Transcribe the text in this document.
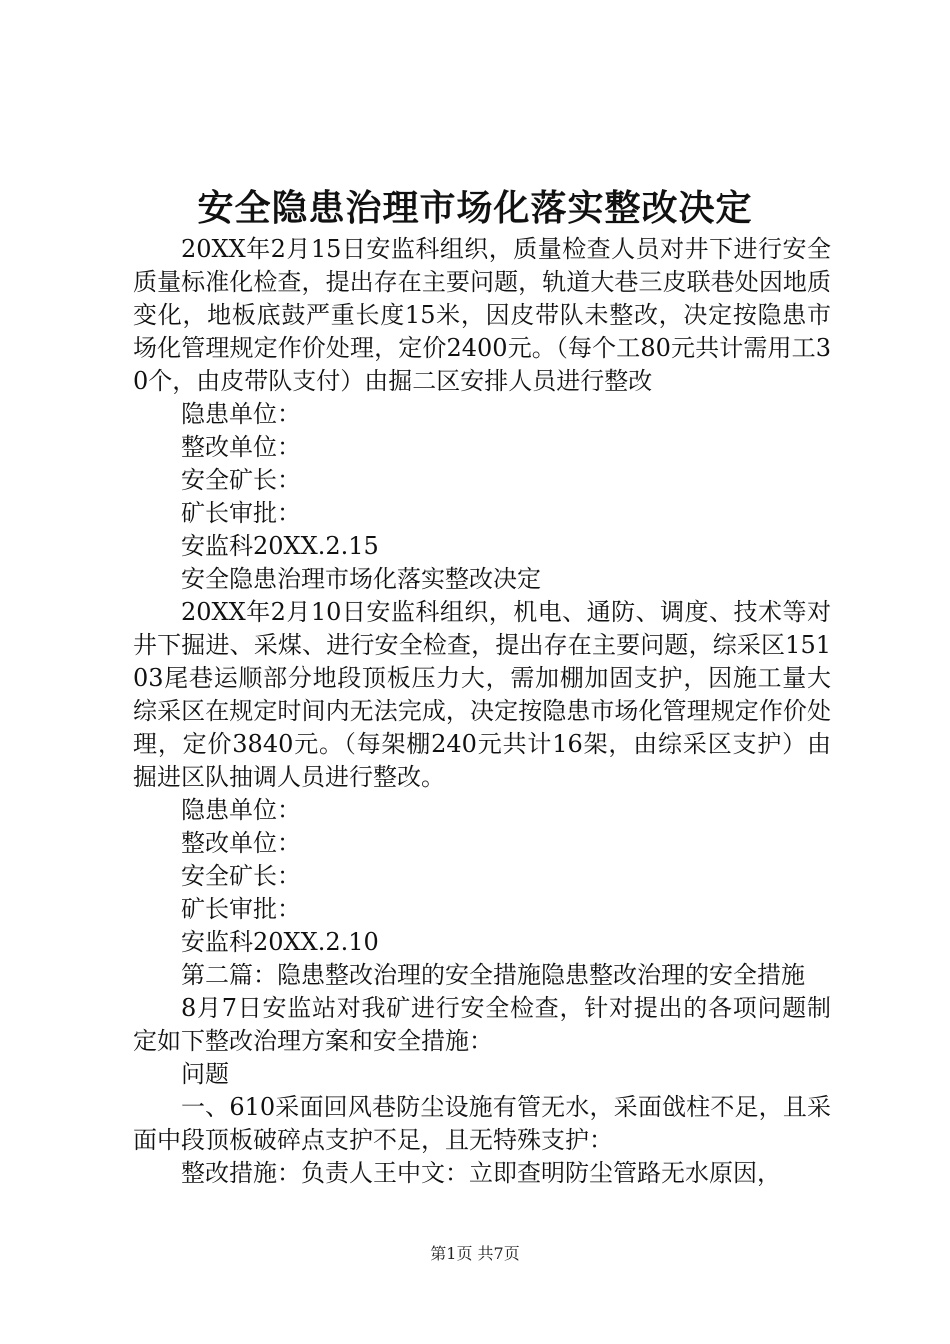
安全隐患治理市场化落实整改决定

20XX年2月15日安监科组织，质量检查人员对井下进行安全质量标准化检查，提出存在主要问题，轨道大巷三皮联巷处因地质变化，地板底鼓严重长度15米，因皮带队未整改，决定按隐患市场化管理规定作价处理，定价2400元。（每个工80元共计需用工30个，由皮带队支付）由掘二区安排人员进行整改

隐患单位：

整改单位：

安全矿长：

矿长审批：

安监科20XX.2.15

安全隐患治理市场化落实整改决定

20XX年2月10日安监科组织，机电、通防、调度、技术等对井下掘进、采煤、进行安全检查，提出存在主要问题，综采区15103尾巷运顺部分地段顶板压力大，需加棚加固支护，因施工量大综采区在规定时间内无法完成，决定按隐患市场化管理规定作价处理，定价3840元。（每架棚240元共计16架，由综采区支护）由掘进区队抽调人员进行整改。

隐患单位：

整改单位：

安全矿长：

矿长审批：

安监科20XX.2.10

第二篇：隐患整改治理的安全措施隐患整改治理的安全措施

8月7日安监站对我矿进行安全检查，针对提出的各项问题制定如下整改治理方案和安全措施：

问题

一、610采面回风巷防尘设施有管无水，采面戗柱不足，且采面中段顶板破碎点支护不足，且无特殊支护：

整改措施：负责人王中文：立即查明防尘管路无水原因，

第1页 共7页
